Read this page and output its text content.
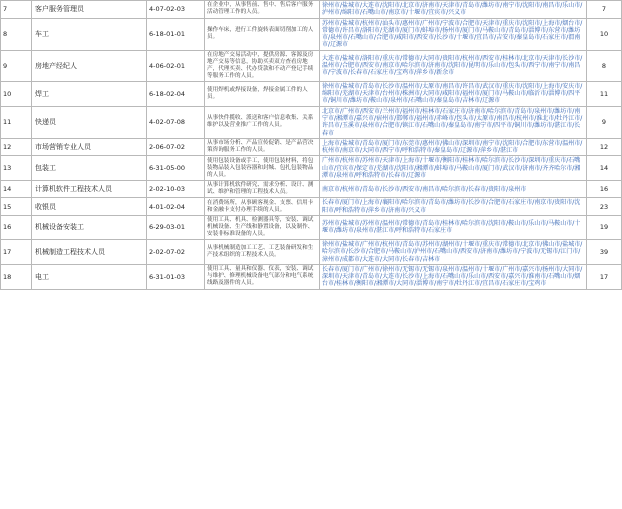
7	客户服务管理员	4-07-02-03	在企业中，从事售前、售中、售后客户服务活动管理工作的人员。	徐州市/盐城市/大连市/沈阳市/北京市/济南市/天津市/青岛市/潍坊市/南宁市/沈阳市/南昌市/乐山市/泸州市/绵阳市/石嘴山市/南京市/十堰市/宜宾市/兴义市	7
8	车工	6-18-01-01	操作车床，进行工件旋转表面切削加工的人员。	苏州市/盐城市/杭州市/汕头市/惠州市/广州市/宁波市/合肥市/天津市/重庆市/沈阳市/上海市/烟台市/常德市/许昌市/洛阳市/芜湖市/厦门市/蚌埠市/扬州市/厦门市/马鞍山市/青岛市/淄博市/东营市/潍坊市/泉州市/石嘴山市/合肥市/咸阳市/西安市/长沙市/十堰市/宜昌市/吉安市/秦皇岛市/石家庄市/渭南市/辽源市	10
9	房地产经纪人	4-06-02-01	在房地产交易活动中，提供房源、客源及房地产交易等信息，协助买卖双方查看房地产，代理买卖、代办贷款和不动产登记手续等服务工作的人员。	大连市/盐城市/洛阳市/重庆市/常德市/大同市/贵阳市/杭州市/西安市/桂林市/北京市/天津市/长沙市/温州市/合肥市/西安市/南京市/哈尔滨市/济南市/沈阳市/昆明市/乐山市/包头市/西宁市/南宁市/南昌市/宁波市/长春市/石家庄市/宝鸡市/萍乡市/新余市	8
10	焊工	6-18-02-04	使用焊机或焊接设备，焊接金属工件的人员。	徐州市/盐城市/青岛市/长沙市/温州市/太原市/南昌市/许昌市/武汉市/重庆市/沈阳市/上海市/安庆市/绵阳市/芜湖市/天津市/台州市/株洲市/大同市/咸阳市/福州市/厦门市/马鞍山市/临沂市/淄博市/四平市/铜川市/潍坊市/鞍山市/泉州市/石嘴山市/秦皇岛市/吉林市/辽源市	11
11	快递员	4-02-07-08	从事快件揽收、派送和客户信息收集、关系维护以及营业推广工作的人员。	北京市/广州市/西安市/兰州市/福州市/桂林市/石家庄市/济南市/哈尔滨市/青岛市/泉州市/潍坊市/南宁市/湘潭市/嘉兴市/宿州市/邯郸市/福州市/赤峰市/包头市/太原市/南昌市/杭州市/淮北市/牡丹江市/许昌市/玉溪市/泉州市/合肥市/镇江市/石嘴山市/秦皇岛市/南宁市/四平市/铜川市/潍坊市/湛江市/长春市	9
12	市场营销专业人员	2-06-07-02	从事市场分析、产品宣传促销、是产品营决策咨询服务工作的人员。	上海市/盐城市/青岛市/厦门市/东莞市/惠州市/佛山市/深圳市/南宁市/沈阳市/合肥市/东营市/温州市/杭州市/南京市/大同市/西宁市/呼和浩特市/秦皇岛市/辽源市/萍乡市/湛江市	12
13	包装工	6-31-05-00	使用包装设备或手工，使用包装材料，将包装物品装入包装容器和封缄、包扎包装物品的人员。	广州市/杭州市/苏州市/天津市/上海市/十堰市/衡阳市/桂林市/哈尔滨市/长沙市/深圳市/重庆市/石嘴山市/宜宾市/保定市/芜湖市/沈阳市/湘潭市/蚌埠市/马鞍山市/厦门市/武汉市/济南市/齐齐哈尔市/湘潭市/泉州市/呼和浩特市/长春市/辽源市	14
14	计算机软件工程技术人员	2-02-10-03	从事计算机软件研究、需求分析、设计、测试、维护和管理的工程技术人员。	南京市/杭州市/青岛市/长沙市/西安市/南昌市/哈尔滨市/长春市/贵阳市/泉州市	16
15	收银员	4-01-02-04	在消费场所，从事顾客现金、支票、信用卡和金融卡支付办理手续的人员。	长春市/厦门市/上海市/襄阳市/哈尔滨市/青岛市/潍坊市/长沙市/合肥市/石家庄市/南京市/贵阳市/沈阳市/呼和浩特市/萍乡市/济南市/兴义市	23
16	机械设备安装工	6-29-03-01	使用工具、机具、检测器具等，安装、调试机械设备、生产线和静置设备，以及制作、安装非标准设备的人员。	苏州市/盐城市/苏州市/温州市/常德市/青岛市/桂林市/哈尔滨市/沈阳市/鞍山市/乐山市/马鞍山市/十堰市/潍坊市/泉州市/湛江市/呼和浩特市/石家庄市	19
17	机械制造工程技术人员	2-02-07-02	从事机械制造加工工艺、工艺装备研发和生产技术组织的工程技术人员。	徐州市/盐城市/广州市/杭州市/青岛市/苏州市/湖州市/十堰市/重庆市/常德市/北京市/佛山市/盐城市/哈尔滨市/长沙市/合肥市/马鞍山市/泸州市/石嘴山市/西安市/济南市/潍坊市/宁波市/无锡市/江门市/漳州市/成都市/大连市/大同市/长春市/吉林市	39
18	电工	6-31-01-03	使用工具、量具和仪器、仪表，安装、调试与维护、修理机械设备电气部分和电气系统线路及器件的人员。	长春市/厦门市/广州市/徐州市/无锡市/无锡市/泉州市/温州市/十堰市/广州市/嘉兴市/扬州市/大同市/深圳市/天津市/青岛市/大连市/长沙市/上海市/石嘴山市/乐山市/西安市/嘉兴市/淮南市/石嘴山市/烟台市/桂林市/衡阳市/湘潭市/大同市/淄博市/南宁市/牡丹江市/宜昌市/石家庄市/宝鸡市	17
